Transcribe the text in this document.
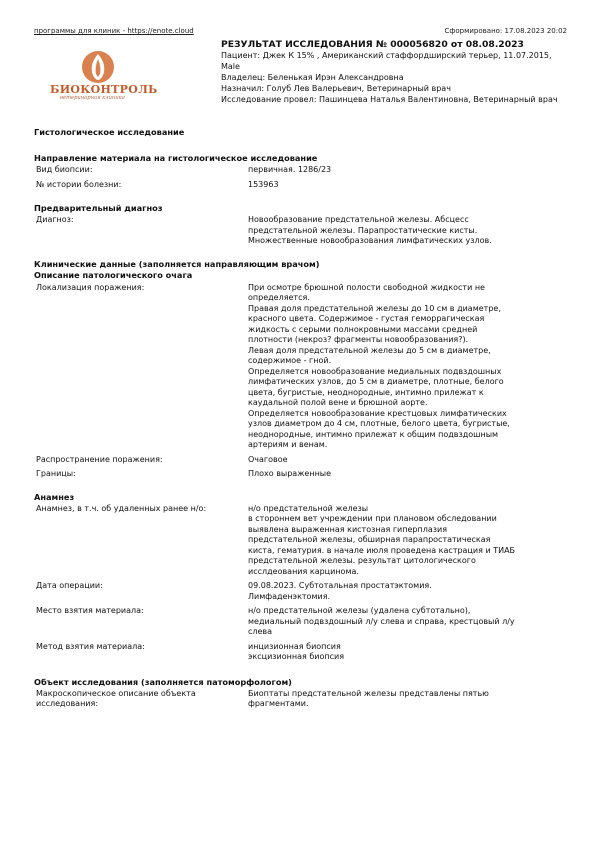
программы для клиник - https://enote.cloud	Сформировано: 17.08.2023 20:02
БИОКОНТРОЛЬ
ветеринарная клиника
РЕЗУЛЬТАТ ИССЛЕДОВАНИЯ № 000056820 от 08.08.2023
Пациент: Джек К 15% , Американский стаффордширский терьер, 11.07.2015, Male
Владелец: Беленькая Ирэн Александровна
Назначил: Голуб Лев Валерьевич, Ветеринарный врач
Исследование провел: Пашинцева Наталья Валентиновна, Ветеринарный врач
Гистологическое исследование
Направление материала на гистологическое исследование
Вид биопсии:	первичная. 1286/23
№ истории болезни:	153963
Предварительный диагноз
Диагноз:	Новообразование предстательной железы. Абсцесс
предстательной железы. Парапростатические кисты.
Множественные новообразования лимфатических узлов.
Клинические данные (заполняется направляющим врачом)
Описание патологического очага
Локализация поражения:	При осмотре брюшной полости свободной жидкости не
определяется.
Правая доля предстательной железы до 10 см в диаметре,
красного цвета. Содержимое - густая геморрагическая
жидкость с серыми полнокровными массами средней
плотности (некроз? фрагменты новообразования?).
Левая доля предстательной железы до 5 см в диаметре,
содержимое - гной.
Определяется новообразование медиальных подвздошных
лимфатических узлов, до 5 см в диаметре, плотные, белого
цвета, бугристые, неоднородные, интимно прилежат к
каудальной полой вене и брюшной аорте.
Определяется новообразование крестцовых лимфатических
узлов диаметром до 4 см, плотные, белого цвета, бугристые,
неоднородные, интимно прилежат к общим подвздошным
артериям и венам.
Распространение поражения:	Очаговое
Границы:	Плохо выраженные
Анамнез
Анамнез, в т.ч. об удаленных ранее н/о:	н/о предстательной железы
в стороннем вет учреждении при плановом обследовании
выявлена выраженная кистозная гиперплазия
предстательной железы, обширная парапростатическая
киста, гематурия. в начале июля проведена кастрация и ТИАБ
предстательной железы. результат цитологического
исслдеования карцинома.
Дата операции:	09.08.2023. Субтотальная простатэктомия.
Лимфаденэктомия.
Место взятия материала:	н/о предстательной железы (удалена субтотально),
медиальный подвздошный л/у слева и справа, крестцовый л/у
слева
Метод взятия материала:	инцизионная биопсия
эксцизионная биопсия
Объект исследования (заполняется патоморфологом)
Макроскопическое описание объекта
исследования:
Биоптаты предстательной железы представлены пятью
фрагментами.
